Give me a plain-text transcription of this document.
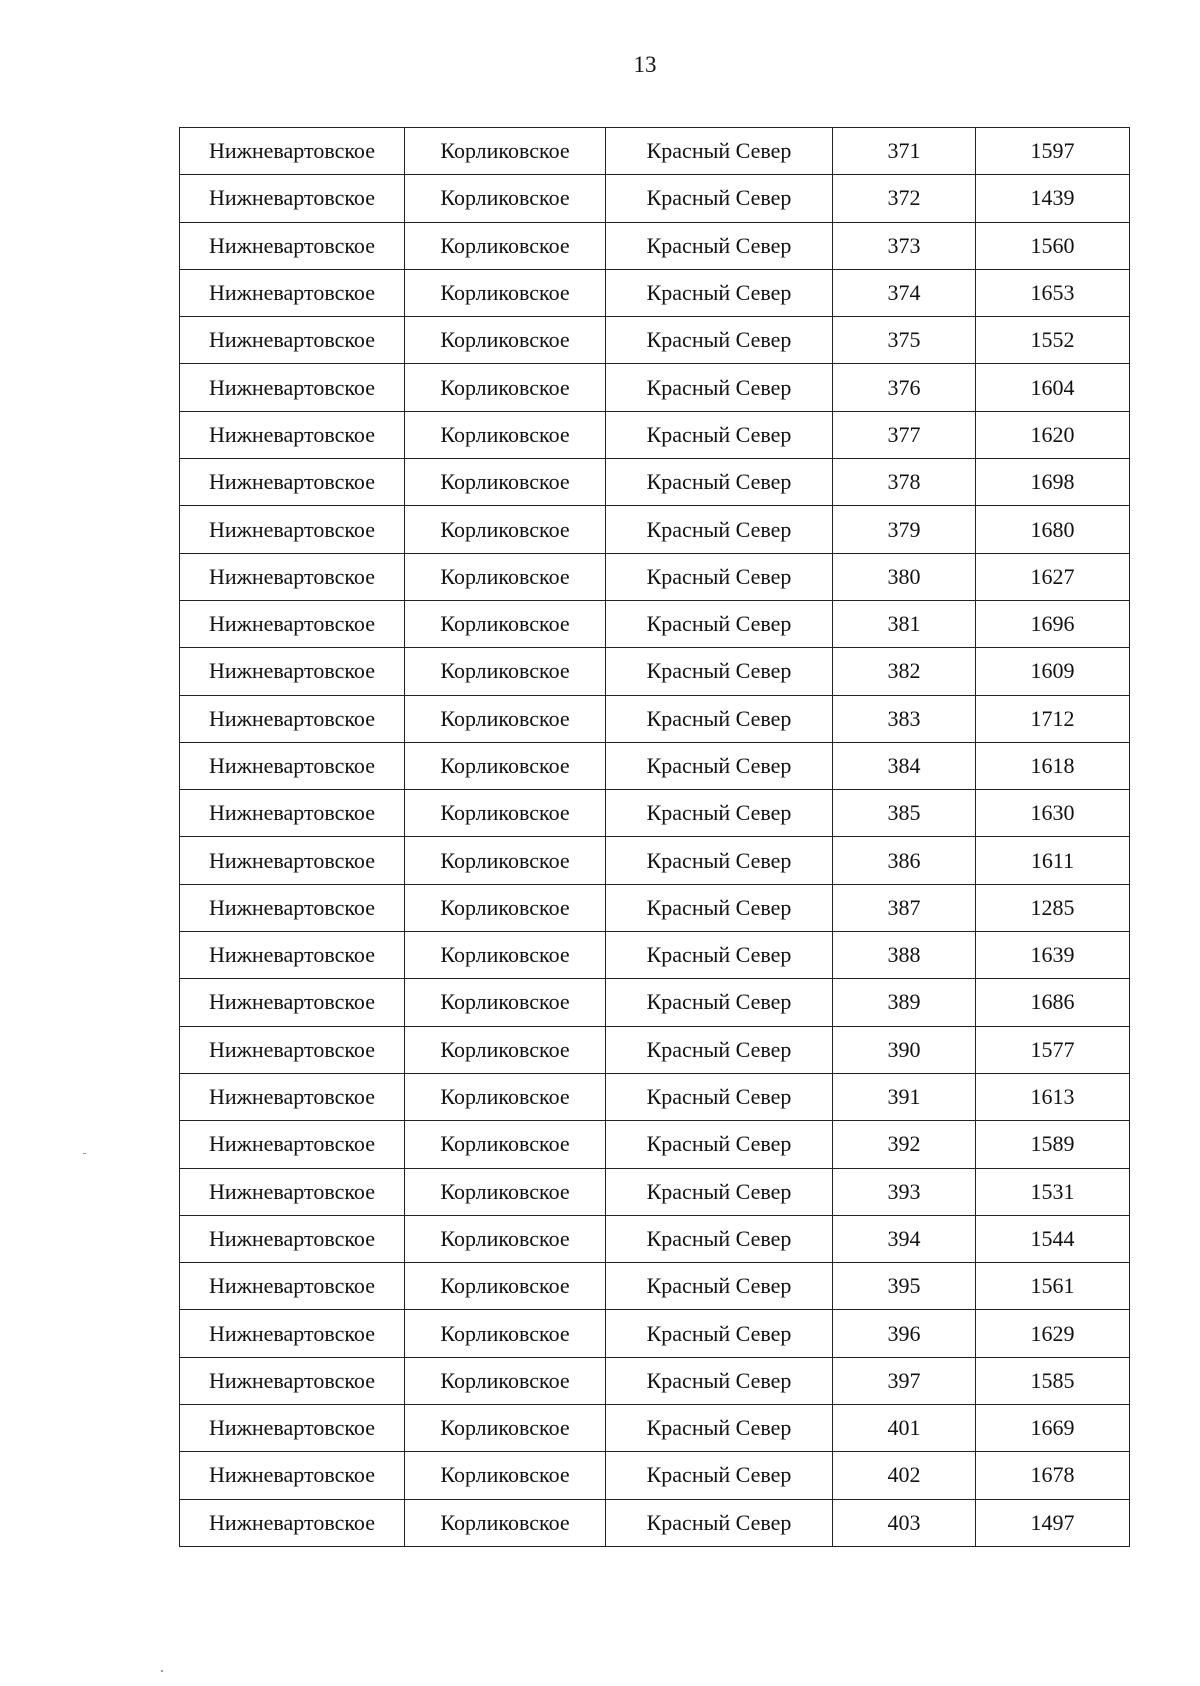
13
Нижневартовское	Корликовское	Красный Север	371	1597
Нижневартовское	Корликовское	Красный Север	372	1439
Нижневартовское	Корликовское	Красный Север	373	1560
Нижневартовское	Корликовское	Красный Север	374	1653
Нижневартовское	Корликовское	Красный Север	375	1552
Нижневартовское	Корликовское	Красный Север	376	1604
Нижневартовское	Корликовское	Красный Север	377	1620
Нижневартовское	Корликовское	Красный Север	378	1698
Нижневартовское	Корликовское	Красный Север	379	1680
Нижневартовское	Корликовское	Красный Север	380	1627
Нижневартовское	Корликовское	Красный Север	381	1696
Нижневартовское	Корликовское	Красный Север	382	1609
Нижневартовское	Корликовское	Красный Север	383	1712
Нижневартовское	Корликовское	Красный Север	384	1618
Нижневартовское	Корликовское	Красный Север	385	1630
Нижневартовское	Корликовское	Красный Север	386	1611
Нижневартовское	Корликовское	Красный Север	387	1285
Нижневартовское	Корликовское	Красный Север	388	1639
Нижневартовское	Корликовское	Красный Север	389	1686
Нижневартовское	Корликовское	Красный Север	390	1577
Нижневартовское	Корликовское	Красный Север	391	1613
Нижневартовское	Корликовское	Красный Север	392	1589
Нижневартовское	Корликовское	Красный Север	393	1531
Нижневартовское	Корликовское	Красный Север	394	1544
Нижневартовское	Корликовское	Красный Север	395	1561
Нижневартовское	Корликовское	Красный Север	396	1629
Нижневартовское	Корликовское	Красный Север	397	1585
Нижневартовское	Корликовское	Красный Север	401	1669
Нижневартовское	Корликовское	Красный Север	402	1678
Нижневартовское	Корликовское	Красный Север	403	1497
